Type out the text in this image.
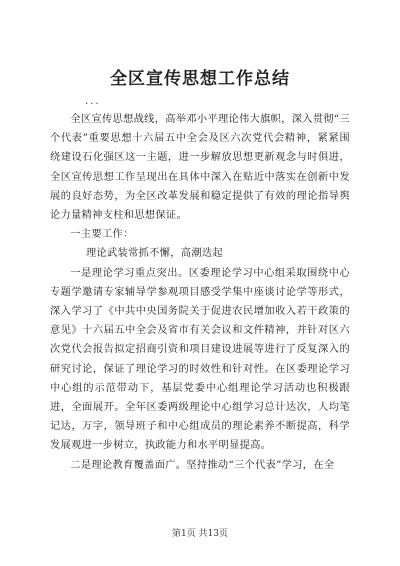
全区宣传思想工作总结
...

全区宣传思想战线，高举邓小平理论伟大旗帜，深入贯彻“三个代表”重要思想十六届五中全会及区六次党代会精神，紧紧围绕建设石化强区这一主题，进一步解放思想更新观念与时俱进，全区宣传思想工作呈现出在具体中深入在贴近中落实在创新中发展的良好态势，为全区改革发展和稳定提供了有效的理论指导舆论力量精神支柱和思想保证。

一主要工作：

理论武装常抓不懈，高潮迭起

一是理论学习重点突出。区委理论学习中心组采取围绕中心专题学邀请专家辅导学参观项目感受学集中座谈讨论学等形式，深入学习了《中共中央国务院关于促进农民增加收入若干政策的意见》十六届五中全会及省市有关会议和文件精神，并针对区六次党代会报告拟定招商引资和项目建设进展等进行了反复深入的研究讨论，保证了理论学习的时效性和针对性。在区委理论学习中心组的示范带动下，基层党委中心组理论学习活动也积极跟进，全面展开。全年区委两级理论中心组学习总计达次，人均笔记达，万字，领导班子和中心组成员的理论素养不断提高，科学发展观进一步树立，执政能力和水平明显提高。

二是理论教育覆盖面广。坚持推动“三个代表”学习，在全

第1页 共13页
